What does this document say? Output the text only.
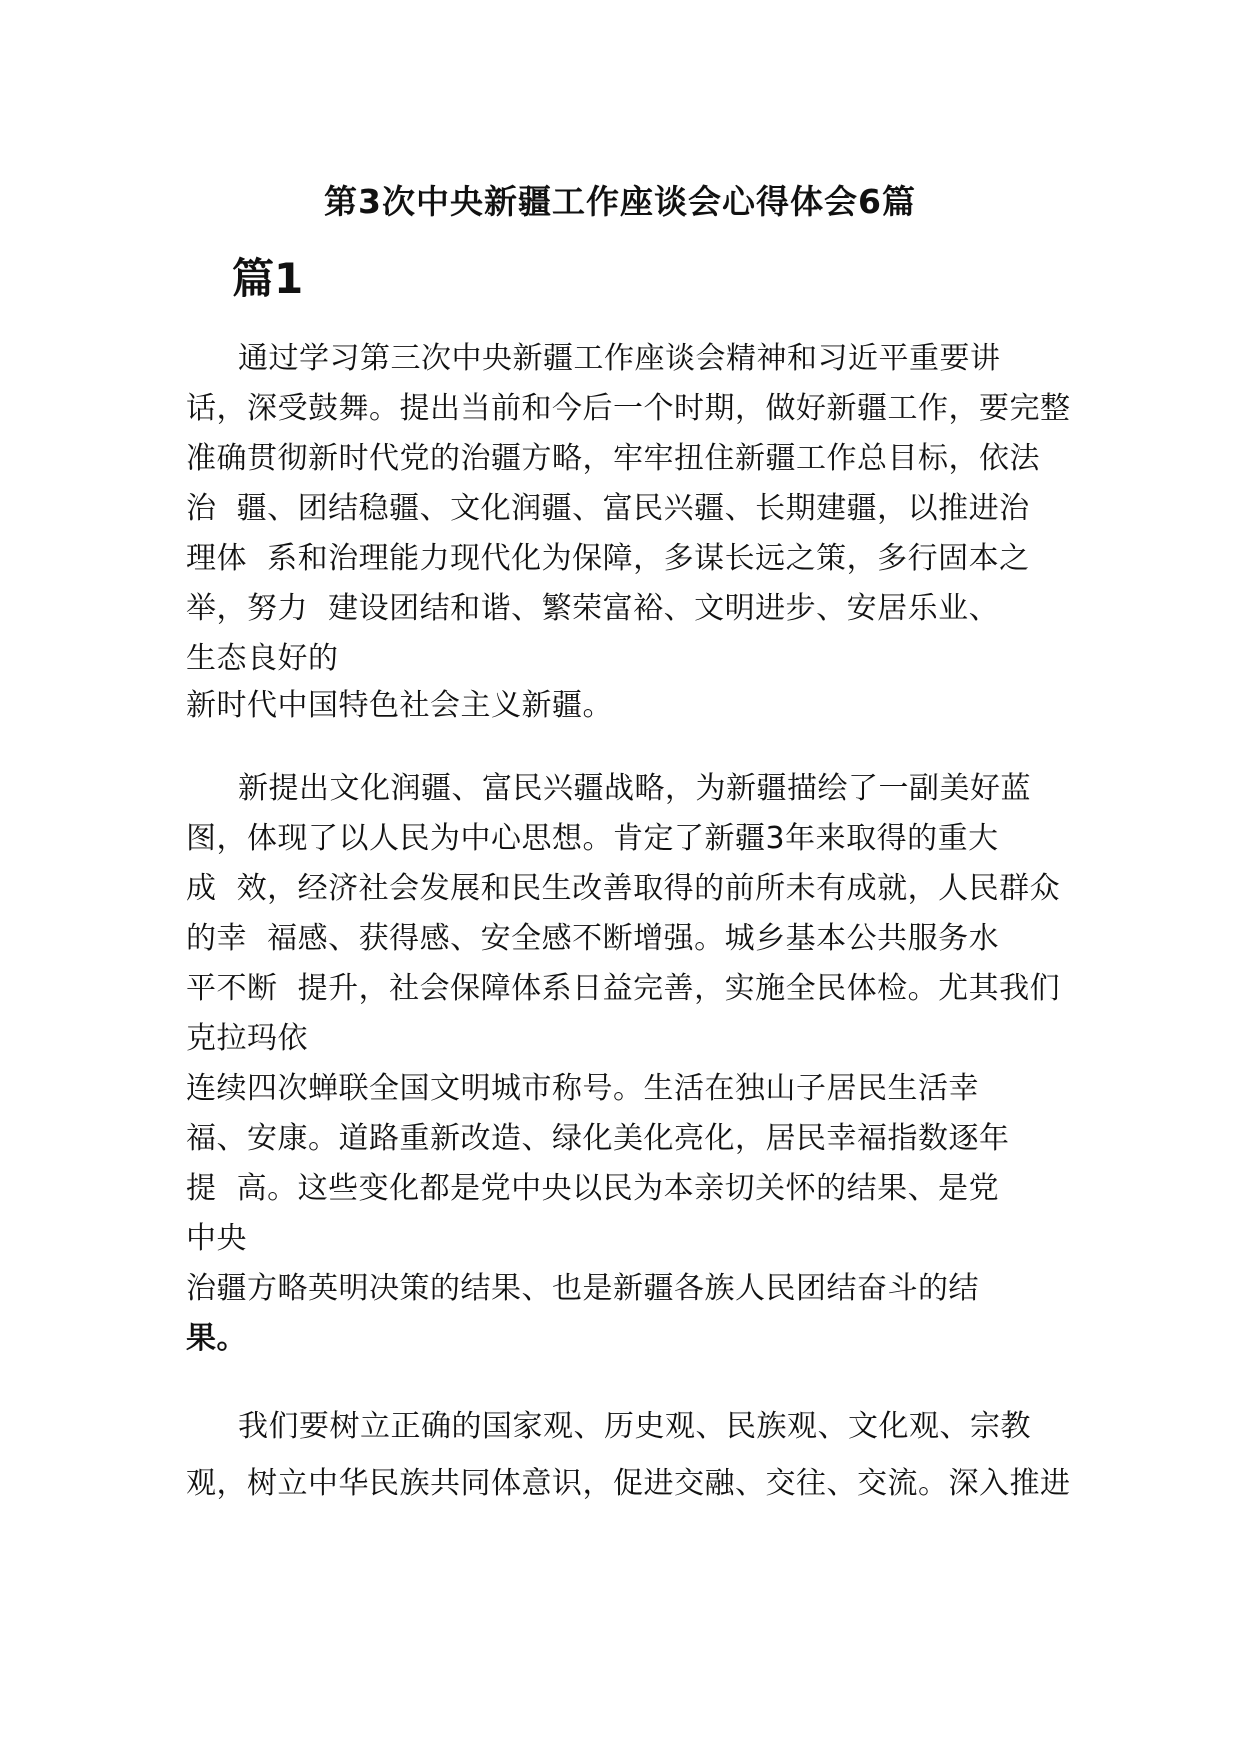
第3次中央新疆工作座谈会心得体会6篇
篇1
通过学习第三次中央新疆工作座谈会精神和习近平重要讲
话，深受鼓舞。提出当前和今后一个时期，做好新疆工作，要完整
准确贯彻新时代党的治疆方略，牢牢扭住新疆工作总目标，依法
治  疆、团结稳疆、文化润疆、富民兴疆、长期建疆，以推进治
理体  系和治理能力现代化为保障，多谋长远之策，多行固本之
举，努力  建设团结和谐、繁荣富裕、文明进步、安居乐业、
生态良好的
新时代中国特色社会主义新疆。
新提出文化润疆、富民兴疆战略，为新疆描绘了一副美好蓝
图，体现了以人民为中心思想。肯定了新疆3年来取得的重大
成  效，经济社会发展和民生改善取得的前所未有成就，人民群众
的幸  福感、获得感、安全感不断增强。城乡基本公共服务水
平不断  提升，社会保障体系日益完善，实施全民体检。尤其我们
克拉玛依
连续四次蝉联全国文明城市称号。生活在独山子居民生活幸
福、安康。道路重新改造、绿化美化亮化，居民幸福指数逐年
提  高。这些变化都是党中央以民为本亲切关怀的结果、是党
中央
治疆方略英明决策的结果、也是新疆各族人民团结奋斗的结
果。
我们要树立正确的国家观、历史观、民族观、文化观、宗教
观，树立中华民族共同体意识，促进交融、交往、交流。深入推进
